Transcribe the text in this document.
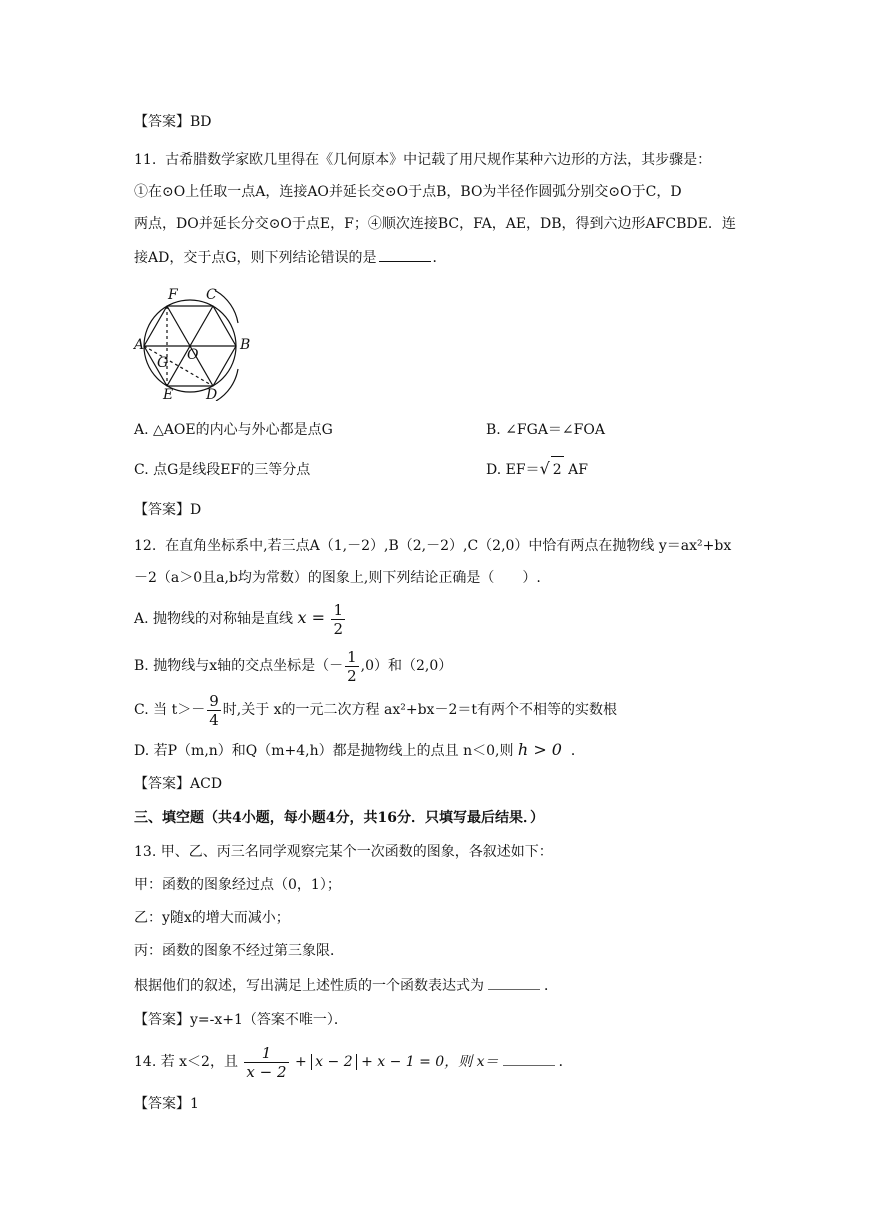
【答案】BD
11. 古希腊数学家欧几里得在《几何原本》中记载了用尺规作某种六边形的方法，其步骤是：
①在⊙O上任取一点A，连接AO并延长交⊙O于点B，BO为半径作圆弧分别交⊙O于C，D
两点，DO并延长分交⊙O于点E，F；④顺次连接BC，FA，AE，DB，得到六边形AFCBDE．连
接AD，交于点G，则下列结论错误的是	．
F C
A
O
B
G
E D
A. △AOE的内心与外心都是点G	B. ∠FGA＝∠FOA
C. 点G是线段EF的三等分点	D. EF＝√ 2 AF
【答案】D
12. 在直角坐标系中,若三点A（1,－2）,B（2,－2）,C（2,0）中恰有两点在抛物线 y＝ax²+bx
－2（a＞0且a,b均为常数）的图象上,则下列结论正确是（　　）.
A. 抛物线的对称轴是直线 $x = \frac{1}{2}$
B. 抛物线与x轴的交点坐标是（－ $\frac{1}{2} ,0$）和（2,0）
C. 当 $t>- \frac{9}{4}$ 时,关于 x的一元二次方程 ax²+bx－2＝t有两个不相等的实数根
D. 若P（m,n）和Q（m+4,h）都是抛物线上的点且 n＜0,则 h > 0 ．
【答案】ACD
三、填空题（共4小题，每小题4分，共16分．只填写最后结果．）
13. 甲、乙、丙三名同学观察完某个一次函数的图象，各叙述如下：
甲：函数的图象经过点（0，1）；
乙：y随x的增大而减小；
丙：函数的图象不经过第三象限．
根据他们的叙述，写出满足上述性质的一个函数表达式为	．
【答案】y=-x+1（答案不唯一）．
14. 若 x＜2，且 $\frac{1}{x - 2} + x - 2 + x - 1 = 0$，则 x＝	．
【答案】1
